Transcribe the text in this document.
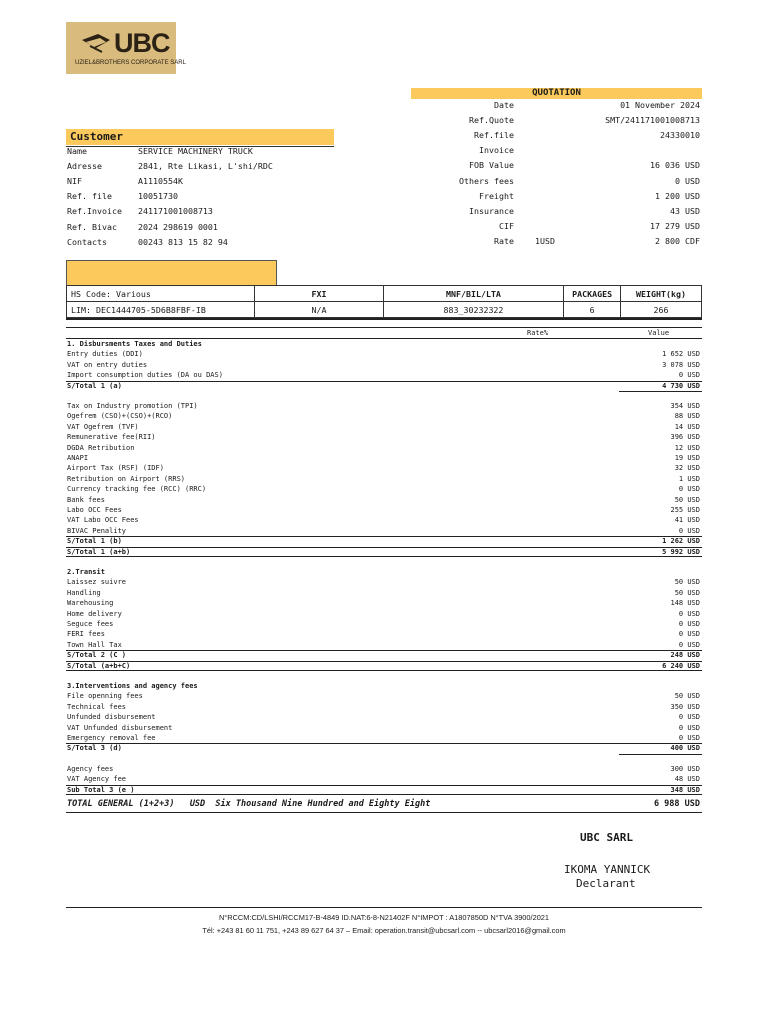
UBC
UZIEL&BROTHERS CORPORATE SARL
QUOTATION
Date	01 November 2024
Ref.Quote	SMT/241171001008713
Ref.file	24330010
Invoice
FOB Value	16 036 USD
Others fees	0 USD
Freight	1 200 USD
Insurance	43 USD
CIF	17 279 USD
Rate	1USD	2 800 CDF
Customer
Name	SERVICE MACHINERY TRUCK
Adresse	2841, Rte Likasi, L'shi/RDC
NIF	A1110554K
Ref. file	10051730
Ref.Invoice 241171001008713
Ref. Bivac	2024 298619 0001
Contacts	00243 813 15 82 94
HS Code: Various	FXI	MNF/BIL/LTA	PACKAGES	WEIGHT(kg)
LIM: DEC1444705-5D6B8FBF-IB	N/A	883_30232322	6	266
Rate%	Value
1. Disbursments Taxes and Duties
Entry duties (DDI)	1 652 USD
VAT on entry duties	3 078 USD
Import consumption duties (DA ou DAS)	0 USD
S/Total 1 (a)	4 730 USD
Tax on Industry promotion (TPI)	354 USD
Ogefrem (CSO)+(CSO)+(RCO)	88 USD
VAT Ogefrem (TVF)	14 USD
Remunerative fee(RII)	396 USD
DGDA Retribution	12 USD
ANAPI	19 USD
Airport Tax (RSF) (IDF)	32 USD
Retribution on Airport (RRS)	1 USD
Currency tracking fee (RCC) (RRC)	0 USD
Bank fees	50 USD
Labo OCC Fees	255 USD
VAT Labo OCC Fees	41 USD
BIVAC Penality	0 USD
S/Total 1 (b)	1 262 USD
S/Total 1 (a+b)	5 992 USD
2.Transit
Laissez suivre	50 USD
Handling	50 USD
Warehousing	148 USD
Home delivery	0 USD
Seguce fees	0 USD
FERI fees	0 USD
Town Hall Tax	0 USD
S/Total 2 (C )	248 USD
S/Total (a+b+C)	6 240 USD
3.Interventions and agency fees
File openning fees	50 USD
Technical fees	350 USD
Unfunded disbursement	0 USD
VAT Unfunded disbursement	0 USD
Emergency removal fee	0 USD
S/Total 3 (d)	400 USD
Agency fees	300 USD
VAT Agency fee	48 USD
Sub Total 3 (e )	348 USD
TOTAL GENERAL (1+2+3)   USD  Six Thousand Nine Hundred and Eighty Eight	6 988 USD
UBC SARL
IKOMA YANNICK
Declarant
N°RCCM:CD/LSHI/RCCM17-B-4849 ID.NAT:6-8-N21402F N°IMPOT : A1807850D N°TVA 3900/2021
Tél: +243 81 60 11 751, +243 89 627 64 37 – Email: operation.transit@ubcsarl.com -- ubcsarl2016@gmail.com
